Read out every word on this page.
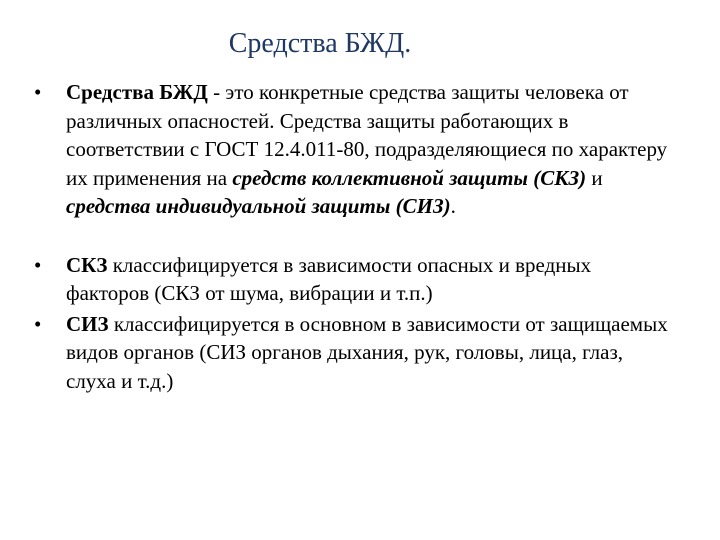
Средства БЖД.
• Средства БЖД - это конкретные средства защиты человека от различных опасностей. Средства защиты работающих в соответствии с ГОСТ 12.4.011-80, подразделяющиеся по характеру их применения на средств коллективной защиты (СКЗ) и средства индивидуальной защиты (СИЗ).
• СКЗ классифицируется в зависимости опасных и вредных факторов (СКЗ от шума, вибрации и т.п.)
• СИЗ классифицируется в основном в зависимости от защищаемых видов органов (СИЗ органов дыхания, рук, головы, лица, глаз, слуха и т.д.)
